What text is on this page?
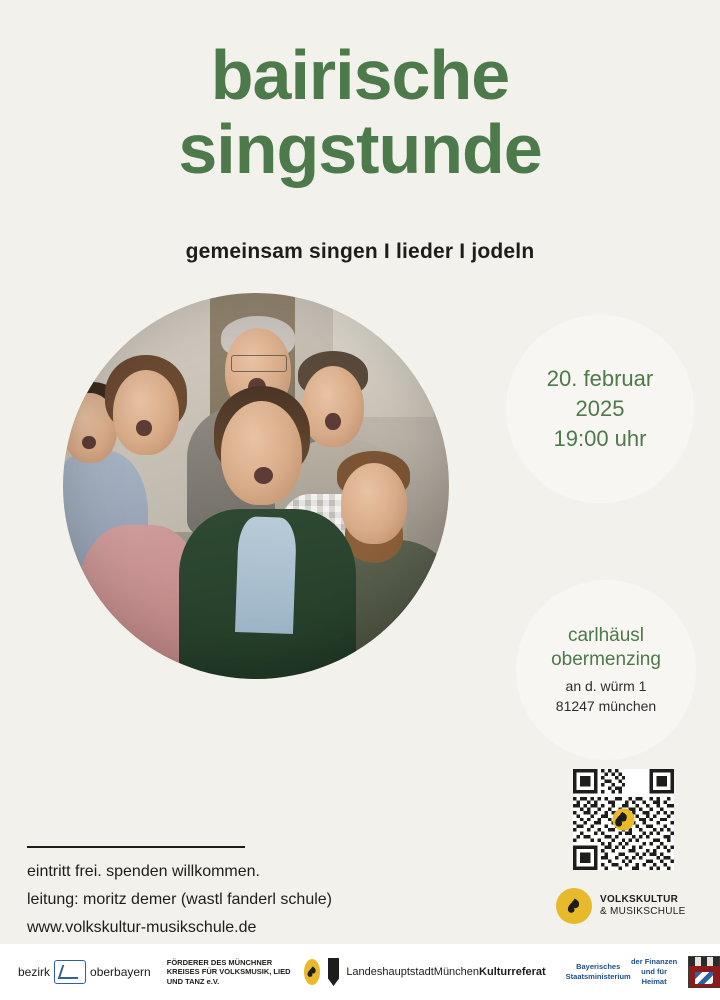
bairische
singstunde
gemeinsam singen I lieder I jodeln
20. februar
2025
19:00 uhr
carlhäusl
obermenzing
an d. würm 1
81247 münchen
VOLKSKULTUR
& MUSIKSCHULE
eintritt frei. spenden willkommen.
leitung: moritz demer (wastl fanderl schule)
www.volkskultur-musikschule.de
bezirk	oberbayern
FÖRDERER DES MÜNCHNER KREISES FÜR VOLKSMUSIK, LIED UND TANZ e.V.
Landeshauptstadt München Kulturreferat	Bayerisches Staatsministerium
der Finanzen und für Heimat
